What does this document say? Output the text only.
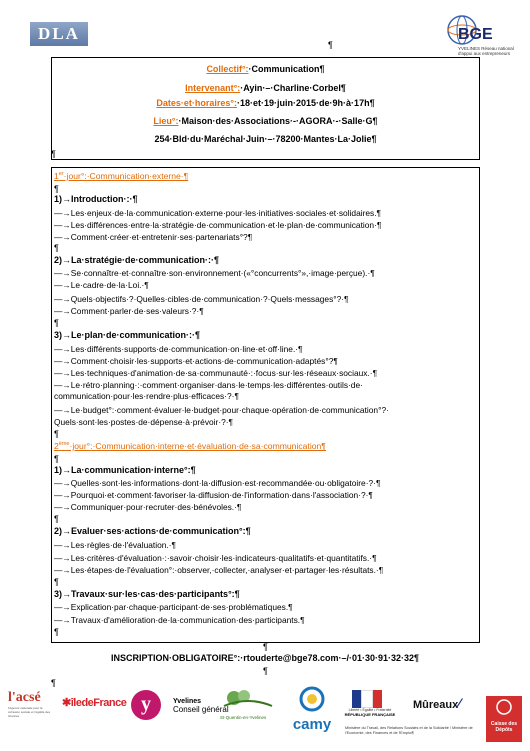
DLA
¶
BGE
YVELINES Réseau national d'appui aux entrepreneurs
Collectif°:·Communication¶
Intervenant°:·Ayin·–·Charline·Corbel¶
Dates·et·horaires°:·18·et·19·juin·2015·de·9h·à·17h¶
Lieu°:·Maison·des·Associations·-·AGORA·-·Salle·G¶
254·Bld·du·Maréchal·Juin·–·78200·Mantes·La·Jolie¶
¶
1er·jour°:·Communication·externe·¶
¶
1)→Introduction·:·¶
—→Les·enjeux·de·la·communication·externe·pour·les·initiatives·sociales·et·solidaires.¶
—→Les·différences·entre·la·stratégie·de·communication·et·le·plan·de·communication·¶
—→Comment·créer·et·entretenir·ses·partenariats°?¶
¶
2)→La·stratégie·de·communication·:·¶
—→Se·connaître·et·connaître·son·environnement·(«°concurrents°»,·image·perçue).·¶
—→Le·cadre·de·la·Loi.·¶
—→Quels·objectifs·?·Quelles·cibles·de·communication·?·Quels·messages°?·¶
—→Comment·parler·de·ses·valeurs·?·¶
¶
3)→Le·plan·de·communication·:·¶
—→Les·différents·supports·de·communication·on·line·et·off·line.·¶
—→Comment·choisir·les·supports·et·actions·de·communication·adaptés°?¶
—→Les·techniques·d'animation·de·sa·communauté·:·focus·sur·les·réseaux·sociaux.·¶
—→Le·rétro·planning·:·comment·organiser·dans·le·temps·les·différentes·outils·de·
communication·pour·les·rendre·plus·efficaces·?·¶
—→Le·budget°:·comment·évaluer·le·budget·pour·chaque·opération·de·communication°?·
Quels·sont·les·postes·de·dépense·à·prévoir·?·¶
¶
2ème·jour°:·Communication·interne·et·évaluation·de·sa·communication¶
¶
1)→La·communication·interne°:¶
—→Quelles·sont·les·informations·dont·la·diffusion·est·recommandée·ou·obligatoire·?·¶
—→Pourquoi·et·comment·favoriser·la·diffusion·de·l'information·dans·l'association·?·¶
—→Communiquer·pour·recruter·des·bénévoles.·¶
¶
2)→Evaluer·ses·actions·de·communication°:¶
—→Les·règles·de·l'évaluation.·¶
—→Les·critères·d'évaluation·:·savoir·choisir·les·indicateurs·qualitatifs·et·quantitatifs.·¶
—→Les·étapes·de·l'évaluation°:·observer,·collecter,·analyser·et·partager·les·résultats.·¶
¶
3)→Travaux·sur·les·cas·des·participants°:¶
—→Explication·par·chaque·participant·de·ses·problématiques.¶
—→Travaux·d'amélioration·de·la·communication·des·participants.¶
¶
¶
INSCRIPTION·OBLIGATOIRE°:·rtouderte@bge78.com·–/·01·30·91·32·32¶
¶
¶
l'acsé
l'Agence nationale pour la cohésion sociale et l'égalité des chances
✱îledeFrance y	Yvelines
Conseil général
St-Quentin-en-Yvelines	camy
Liberté • Égalité • Fraternité
RÉPUBLIQUE FRANÇAISE
Mûreaux⁄
Ministère du Travail, des Relations Sociales et de la Solidarité / Ministère de l'Economie, des Finances et de l'Emploi¶
Caisse des Dépôts
